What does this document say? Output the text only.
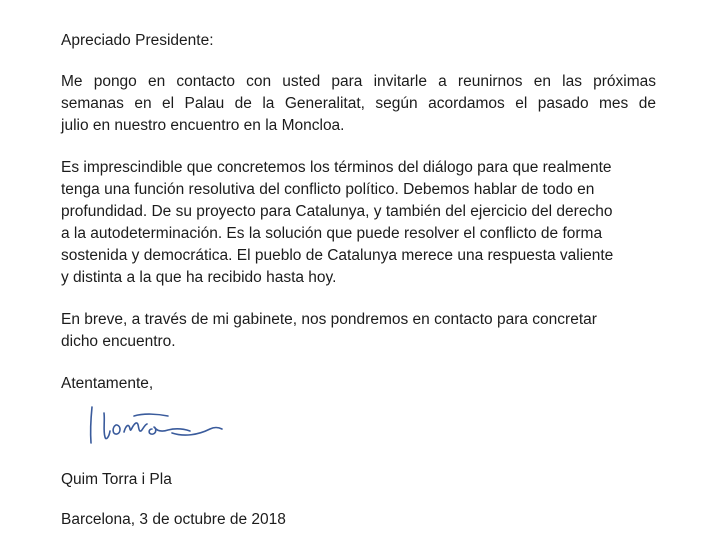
Apreciado Presidente:

Me pongo en contacto con usted para invitarle a reunirnos en las próximas
semanas en el Palau de la Generalitat, según acordamos el pasado mes de
julio en nuestro encuentro en la Moncloa.

Es imprescindible que concretemos los términos del diálogo para que realmente
tenga una función resolutiva del conflicto político. Debemos hablar de todo en
profundidad. De su proyecto para Catalunya, y también del ejercicio del derecho
a la autodeterminación. Es la solución que puede resolver el conflicto de forma
sostenida y democrática. El pueblo de Catalunya merece una respuesta valiente
y distinta a la que ha recibido hasta hoy.

En breve, a través de mi gabinete, nos pondremos en contacto para concretar
dicho encuentro.

Atentamente,

Quim Torra i Pla

Barcelona, 3 de octubre de 2018
